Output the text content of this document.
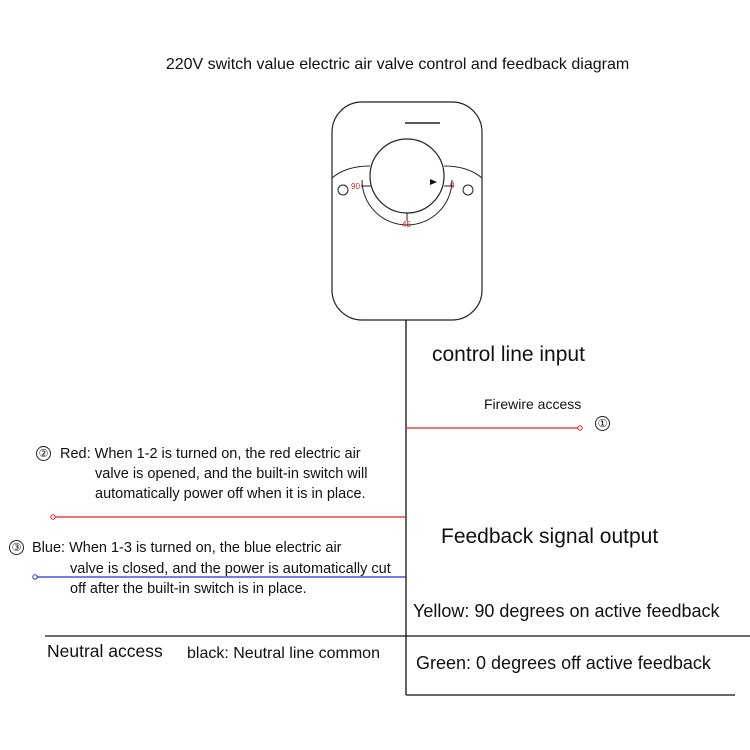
220V switch value electric air valve control and feedback diagram
90	0
45
control line input
Firewire access
①
② Red: When 1-2 is turned on, the red electric air
valve is opened, and the built-in switch will automatically power off when it is in place.
Feedback signal output
③ Blue: When 1-3 is turned on, the blue electric air
valve is closed, and the power is automatically cut off after the built-in switch is in place.
Yellow: 90 degrees on active feedback
Green: 0 degrees off active feedback
Neutral access black: Neutral line common
